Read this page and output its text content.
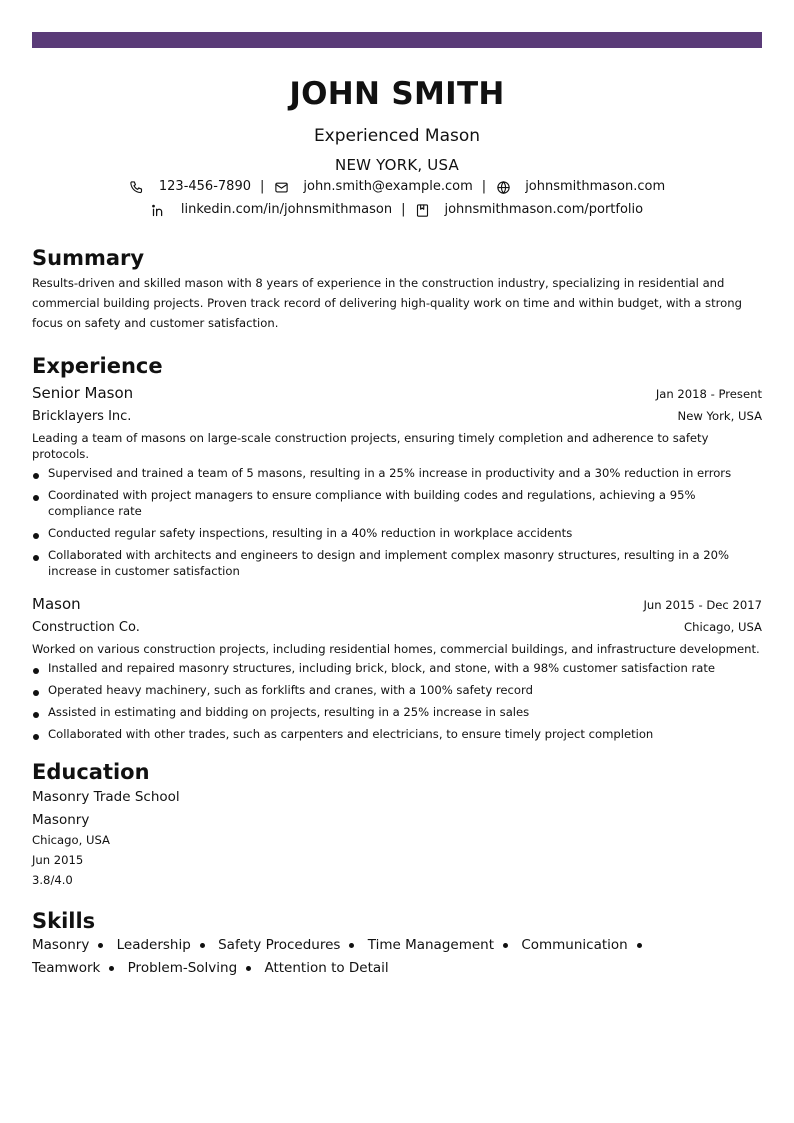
JOHN SMITH
Experienced Mason
NEW YORK, USA
123-456-7890 |	john.smith@example.com |	johnsmithmason.com
linkedin.com/in/johnsmithmason |	johnsmithmason.com/portfolio
Summary
Results-driven and skilled mason with 8 years of experience in the construction industry, specializing in residential and commercial building projects. Proven track record of delivering high-quality work on time and within budget, with a strong focus on safety and customer satisfaction.
Experience
Senior Mason	Jan 2018 - Present
Bricklayers Inc.	New York, USA
Leading a team of masons on large-scale construction projects, ensuring timely completion and adherence to safety protocols.
Supervised and trained a team of 5 masons, resulting in a 25% increase in productivity and a 30% reduction in errors
Coordinated with project managers to ensure compliance with building codes and regulations, achieving a 95% compliance rate
Conducted regular safety inspections, resulting in a 40% reduction in workplace accidents
Collaborated with architects and engineers to design and implement complex masonry structures, resulting in a 20% increase in customer satisfaction
Mason	Jun 2015 - Dec 2017
Construction Co.	Chicago, USA
Worked on various construction projects, including residential homes, commercial buildings, and infrastructure development.
Installed and repaired masonry structures, including brick, block, and stone, with a 98% customer satisfaction rate
Operated heavy machinery, such as forklifts and cranes, with a 100% safety record
Assisted in estimating and bidding on projects, resulting in a 25% increase in sales
Collaborated with other trades, such as carpenters and electricians, to ensure timely project completion
Education
Masonry Trade School
Masonry
Chicago, USA
Jun 2015
3.8/4.0
Skills
Masonry Leadership Safety Procedures Time Management Communication Teamwork Problem-Solving Attention to Detail
